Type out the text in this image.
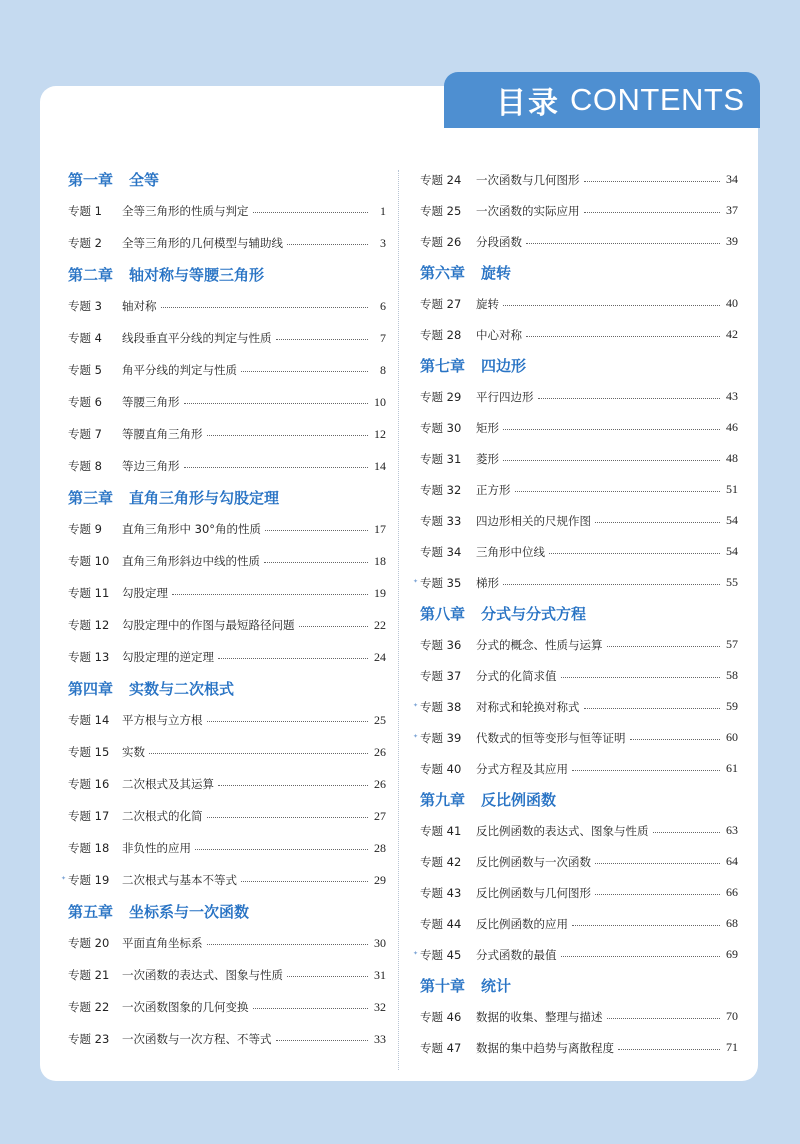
目录 CONTENTS
第一章 全等
专题 1	全等三角形的性质与判定	1
专题 2	全等三角形的几何模型与辅助线	3
第二章 轴对称与等腰三角形
专题 3	轴对称	6
专题 4	线段垂直平分线的判定与性质	7
专题 5	角平分线的判定与性质	8
专题 6	等腰三角形	10
专题 7	等腰直角三角形	12
专题 8	等边三角形	14
第三章 直角三角形与勾股定理
专题 9	直角三角形中 30°角的性质	17
专题 10	直角三角形斜边中线的性质	18
专题 11	勾股定理	19
专题 12	勾股定理中的作图与最短路径问题	22
专题 13	勾股定理的逆定理	24
第四章 实数与二次根式
专题 14	平方根与立方根	25
专题 15	实数	26
专题 16	二次根式及其运算	26
专题 17	二次根式的化简	27
专题 18	非负性的应用	28
✦ 专题 19	二次根式与基本不等式	29
第五章 坐标系与一次函数
专题 20	平面直角坐标系	30
专题 21	一次函数的表达式、图象与性质	31
专题 22	一次函数图象的几何变换	32
专题 23	一次函数与一次方程、不等式	33
专题 24	一次函数与几何图形	34
专题 25	一次函数的实际应用	37
专题 26	分段函数	39
第六章 旋转
专题 27	旋转	40
专题 28	中心对称	42
第七章 四边形
专题 29	平行四边形	43
专题 30	矩形	46
专题 31	菱形	48
专题 32	正方形	51
专题 33	四边形相关的尺规作图	54
专题 34	三角形中位线	54
✦ 专题 35	梯形	55
第八章 分式与分式方程
专题 36	分式的概念、性质与运算	57
专题 37	分式的化简求值	58
✦ 专题 38	对称式和轮换对称式	59
✦ 专题 39	代数式的恒等变形与恒等证明	60
专题 40	分式方程及其应用	61
第九章 反比例函数
专题 41	反比例函数的表达式、图象与性质	63
专题 42	反比例函数与一次函数	64
专题 43	反比例函数与几何图形	66
专题 44	反比例函数的应用	68
✦ 专题 45	分式函数的最值	69
第十章 统计
专题 46	数据的收集、整理与描述	70
专题 47	数据的集中趋势与离散程度	71
